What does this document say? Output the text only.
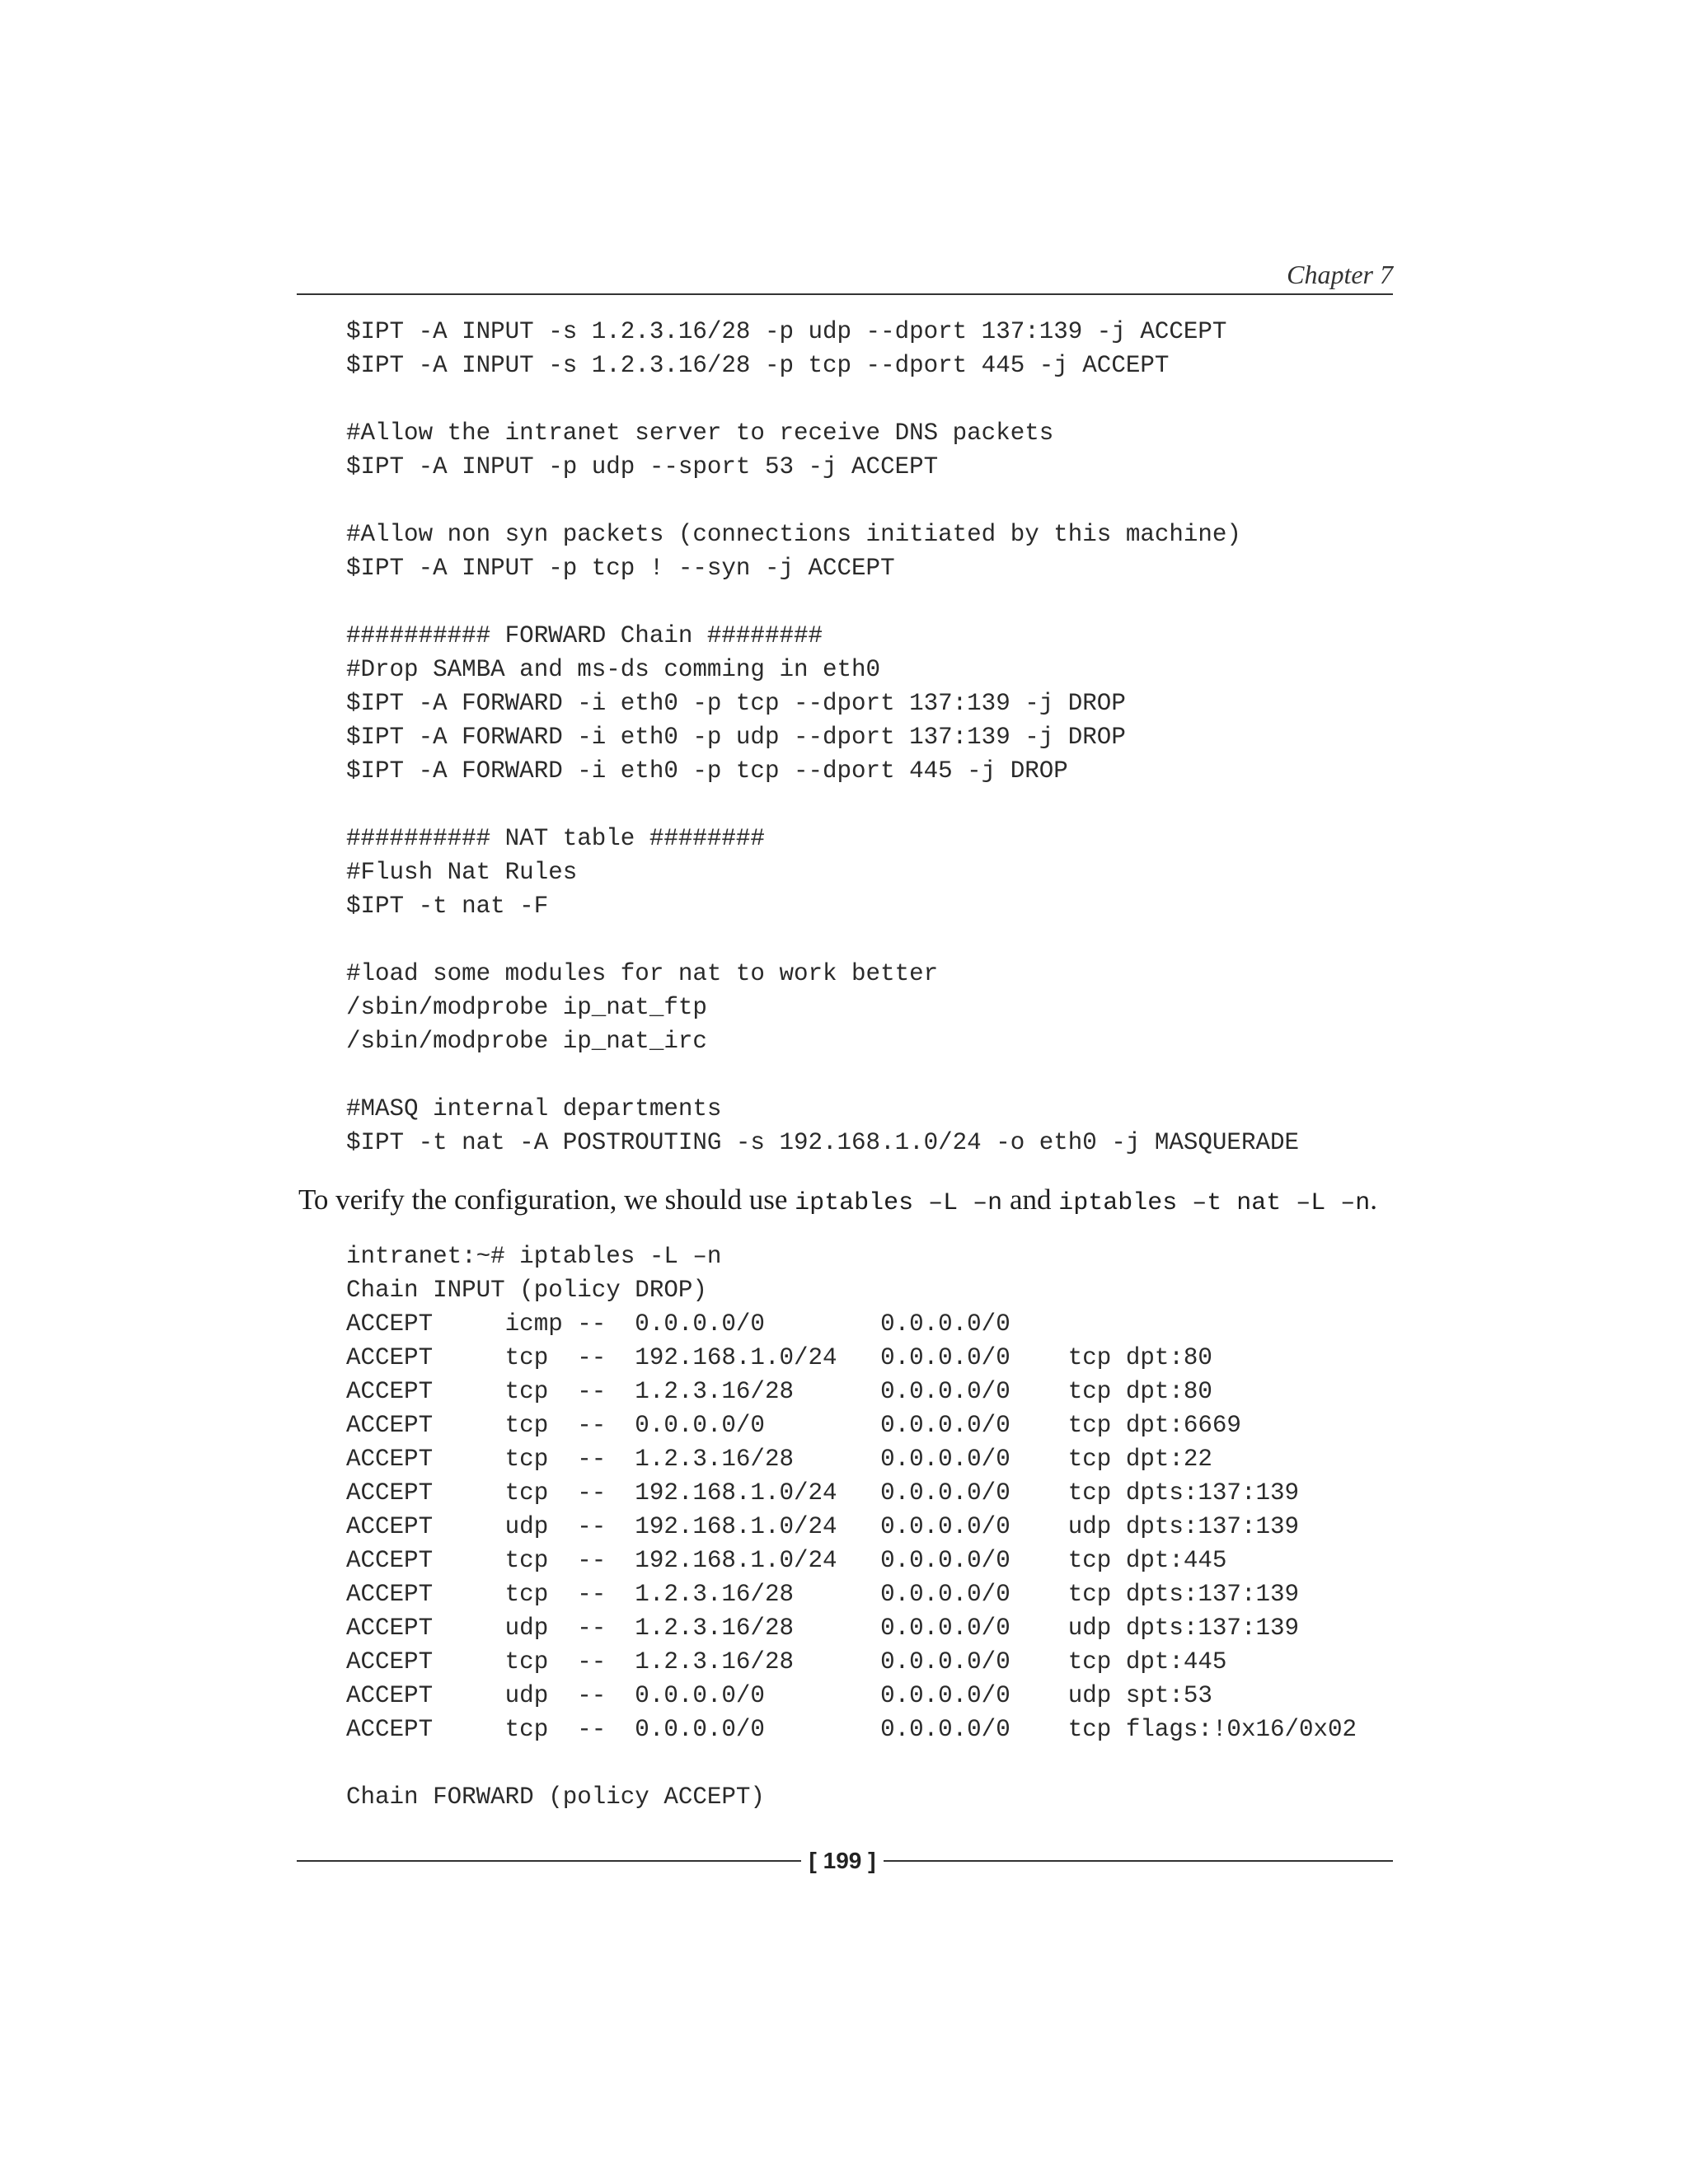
Chapter 7
$IPT -A INPUT -s 1.2.3.16/28 -p udp --dport 137:139 -j ACCEPT
$IPT -A INPUT -s 1.2.3.16/28 -p tcp --dport 445 -j ACCEPT
#Allow the intranet server to receive DNS packets
$IPT -A INPUT -p udp --sport 53 -j ACCEPT
#Allow non syn packets (connections initiated by this machine)
$IPT -A INPUT -p tcp ! --syn -j ACCEPT
########## FORWARD Chain ########
#Drop SAMBA and ms-ds comming in eth0
$IPT -A FORWARD -i eth0 -p tcp --dport 137:139 -j DROP
$IPT -A FORWARD -i eth0 -p udp --dport 137:139 -j DROP
$IPT -A FORWARD -i eth0 -p tcp --dport 445 -j DROP
########## NAT table ########
#Flush Nat Rules
$IPT -t nat -F
#load some modules for nat to work better
/sbin/modprobe ip_nat_ftp
/sbin/modprobe ip_nat_irc
#MASQ internal departments
$IPT -t nat -A POSTROUTING -s 192.168.1.0/24 -o eth0 -j MASQUERADE
To verify the configuration, we should use iptables –L –n and iptables –t nat –L –n.
intranet:~# iptables -L –n
Chain INPUT (policy DROP)
ACCEPT     icmp --  0.0.0.0/0        0.0.0.0/0
ACCEPT     tcp  --  192.168.1.0/24   0.0.0.0/0    tcp dpt:80
ACCEPT     tcp  --  1.2.3.16/28      0.0.0.0/0    tcp dpt:80
ACCEPT     tcp  --  0.0.0.0/0        0.0.0.0/0    tcp dpt:6669
ACCEPT     tcp  --  1.2.3.16/28      0.0.0.0/0    tcp dpt:22
ACCEPT     tcp  --  192.168.1.0/24   0.0.0.0/0    tcp dpts:137:139
ACCEPT     udp  --  192.168.1.0/24   0.0.0.0/0    udp dpts:137:139
ACCEPT     tcp  --  192.168.1.0/24   0.0.0.0/0    tcp dpt:445
ACCEPT     tcp  --  1.2.3.16/28      0.0.0.0/0    tcp dpts:137:139
ACCEPT     udp  --  1.2.3.16/28      0.0.0.0/0    udp dpts:137:139
ACCEPT     tcp  --  1.2.3.16/28      0.0.0.0/0    tcp dpt:445
ACCEPT     udp  --  0.0.0.0/0        0.0.0.0/0    udp spt:53
ACCEPT     tcp  --  0.0.0.0/0        0.0.0.0/0    tcp flags:!0x16/0x02
Chain FORWARD (policy ACCEPT)
[ 199 ]
